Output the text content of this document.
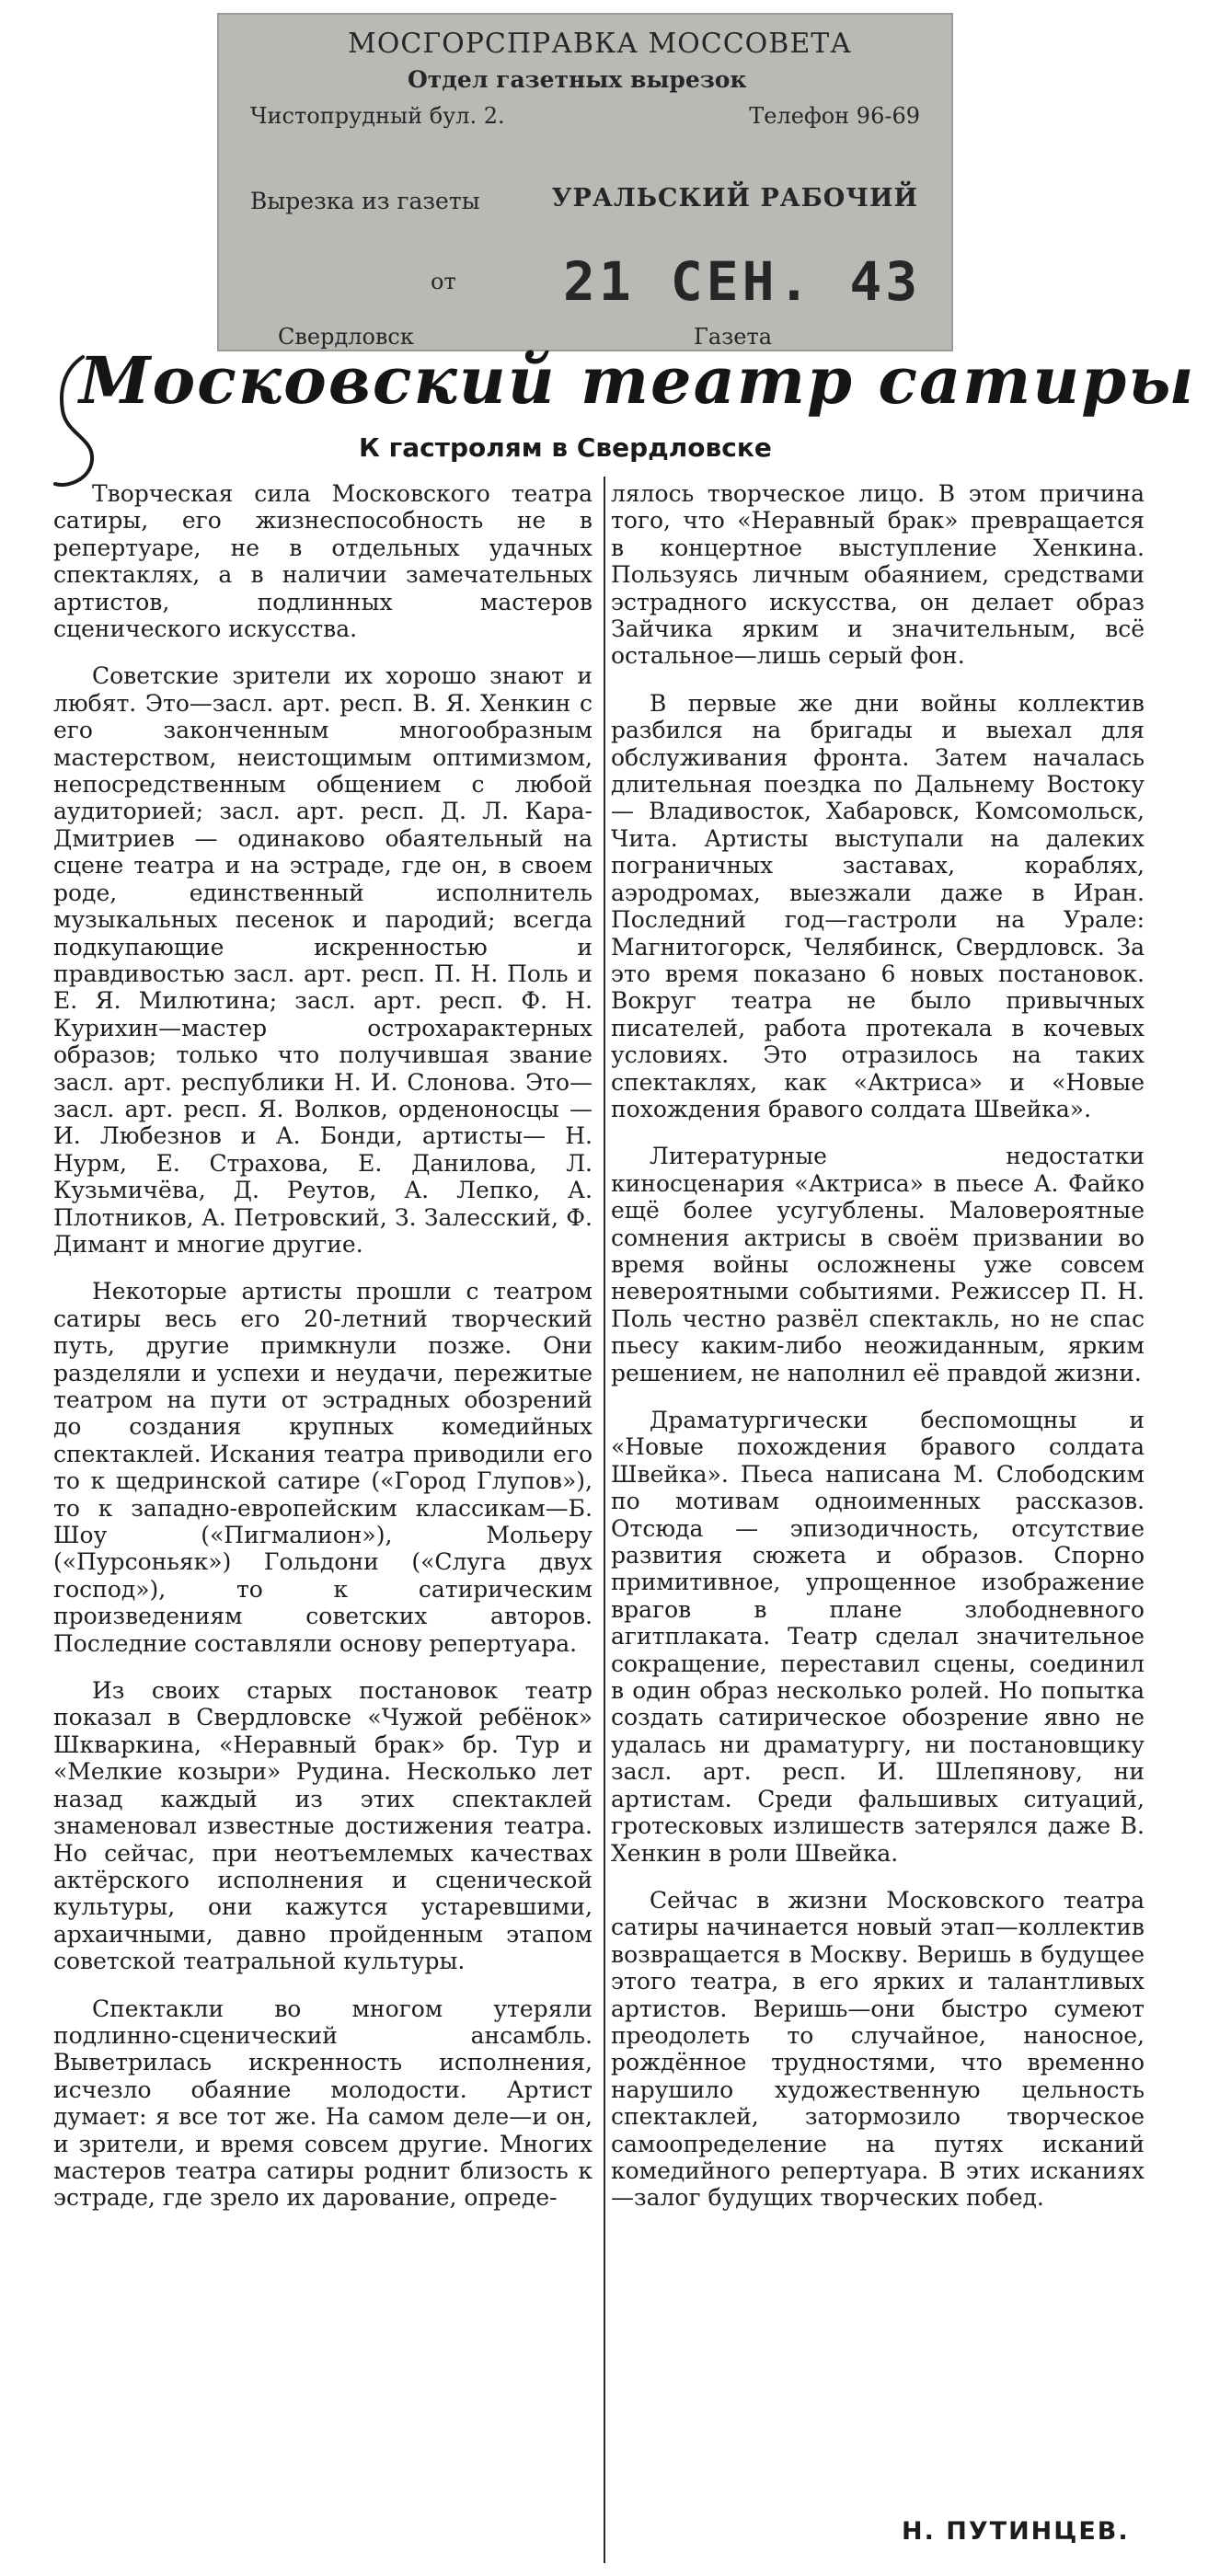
МОСГОРСПРАВКА МОССОВЕТА
Отдел газетных вырезок
Чистопрудный бул. 2.	Телефон 96-69
Вырезка из газеты	УРАЛЬСКИЙ РАБОЧИЙ
от 21 СЕН. 43
Свердловск	Газета
Московский театр сатиры
К гастролям в Свердловске

Творческая сила Московского театра сатиры, его жизнеспособность не в репертуаре, не в отдельных удачных спектаклях, а в наличии замечательных артистов, подлинных мастеров сценического искусства.

Советские зрители их хорошо знают и любят. Это—засл. арт. респ. В. Я. Хенкин с его законченным многообразным мастерством, неистощимым оптимизмом, непосредственным общением с любой аудиторией; засл. арт. респ. Д. Л. Кара-Дмитриев — одинаково обаятельный на сцене театра и на эстраде, где он, в своем роде, единственный исполнитель музыкальных песенок и пародий; всегда подкупающие искренностью и правдивостью засл. арт. респ. П. Н. Поль и Е. Я. Милютина; засл. арт. респ. Ф. Н. Курихин—мастер острохарактерных образов; только что получившая звание засл. арт. республики Н. И. Слонова. Это—засл. арт. респ. Я. Волков, орденоносцы — И. Любезнов и А. Бонди, артисты— Н. Нурм, Е. Страхова, Е. Данилова, Л. Кузьмичёва, Д. Реутов, А. Лепко, А. Плотников, А. Петровский, З. Залесский, Ф. Димант и многие другие.

Некоторые артисты прошли с театром сатиры весь его 20-летний творческий путь, другие примкнули позже. Они разделяли и успехи и неудачи, пережитые театром на пути от эстрадных обозрений до создания крупных комедийных спектаклей. Искания театра приводили его то к щедринской сатире («Город Глупов»), то к западно-европейским классикам—Б. Шоу («Пигмалион»), Мольеру («Пурсоньяк») Гольдони («Слуга двух господ»), то к сатирическим произведениям советских авторов. Последние составляли основу репертуара.

Из своих старых постановок театр показал в Свердловске «Чужой ребёнок» Шкваркина, «Неравный брак» бр. Тур и «Мелкие козыри» Рудина. Несколько лет назад каждый из этих спектаклей знаменовал известные достижения театра. Но сейчас, при неотъемлемых качествах актёрского исполнения и сценической культуры, они кажутся устаревшими, архаичными, давно пройденным этапом советской театральной культуры.

Спектакли во многом утеряли подлинно-сценический ансамбль. Выветрилась искренность исполнения, исчезло обаяние молодости. Артист думает: я все тот же. На самом деле—и он, и зрители, и время совсем другие. Многих мастеров театра сатиры роднит близость к эстраде, где зрело их дарование, опреде-

лялось творческое лицо. В этом причина того, что «Неравный брак» превращается в концертное выступление Хенкина. Пользуясь личным обаянием, средствами эстрадного искусства, он делает образ Зайчика ярким и значительным, всё остальное—лишь серый фон.

В первые же дни войны коллектив разбился на бригады и выехал для обслуживания фронта. Затем началась длительная поездка по Дальнему Востоку — Владивосток, Хабаровск, Комсомольск, Чита. Артисты выступали на далеких пограничных заставах, кораблях, аэродромах, выезжали даже в Иран. Последний год—гастроли на Урале: Магнитогорск, Челябинск, Свердловск. За это время показано 6 новых постановок. Вокруг театра не было привычных писателей, работа протекала в кочевых условиях. Это отразилось на таких спектаклях, как «Актриса» и «Новые похождения бравого солдата Швейка».

Литературные недостатки киносценария «Актриса» в пьесе А. Файко ещё более усугублены. Маловероятные сомнения актрисы в своём призвании во время войны осложнены уже совсем невероятными событиями. Режиссер П. Н. Поль честно развёл спектакль, но не спас пьесу каким-либо неожиданным, ярким решением, не наполнил её правдой жизни.

Драматургически беспомощны и «Новые похождения бравого солдата Швейка». Пьеса написана М. Слободским по мотивам одноименных рассказов. Отсюда — эпизодичность, отсутствие развития сюжета и образов. Спорно примитивное, упрощенное изображение врагов в плане злободневного агитплаката. Театр сделал значительное сокращение, переставил сцены, соединил в один образ несколько ролей. Но попытка создать сатирическое обозрение явно не удалась ни драматургу, ни постановщику засл. арт. респ. И. Шлепянову, ни артистам. Среди фальшивых ситуаций, гротесковых излишеств затерялся даже В. Хенкин в роли Швейка.

Сейчас в жизни Московского театра сатиры начинается новый этап—коллектив возвращается в Москву. Веришь в будущее этого театра, в его ярких и талантливых артистов. Веришь—они быстро сумеют преодолеть то случайное, наносное, рождённое трудностями, что временно нарушило художественную цельность спектаклей, затормозило творческое самоопределение на путях исканий комедийного репертуара. В этих исканиях—залог будущих творческих побед.

Н. ПУТИНЦЕВ.
